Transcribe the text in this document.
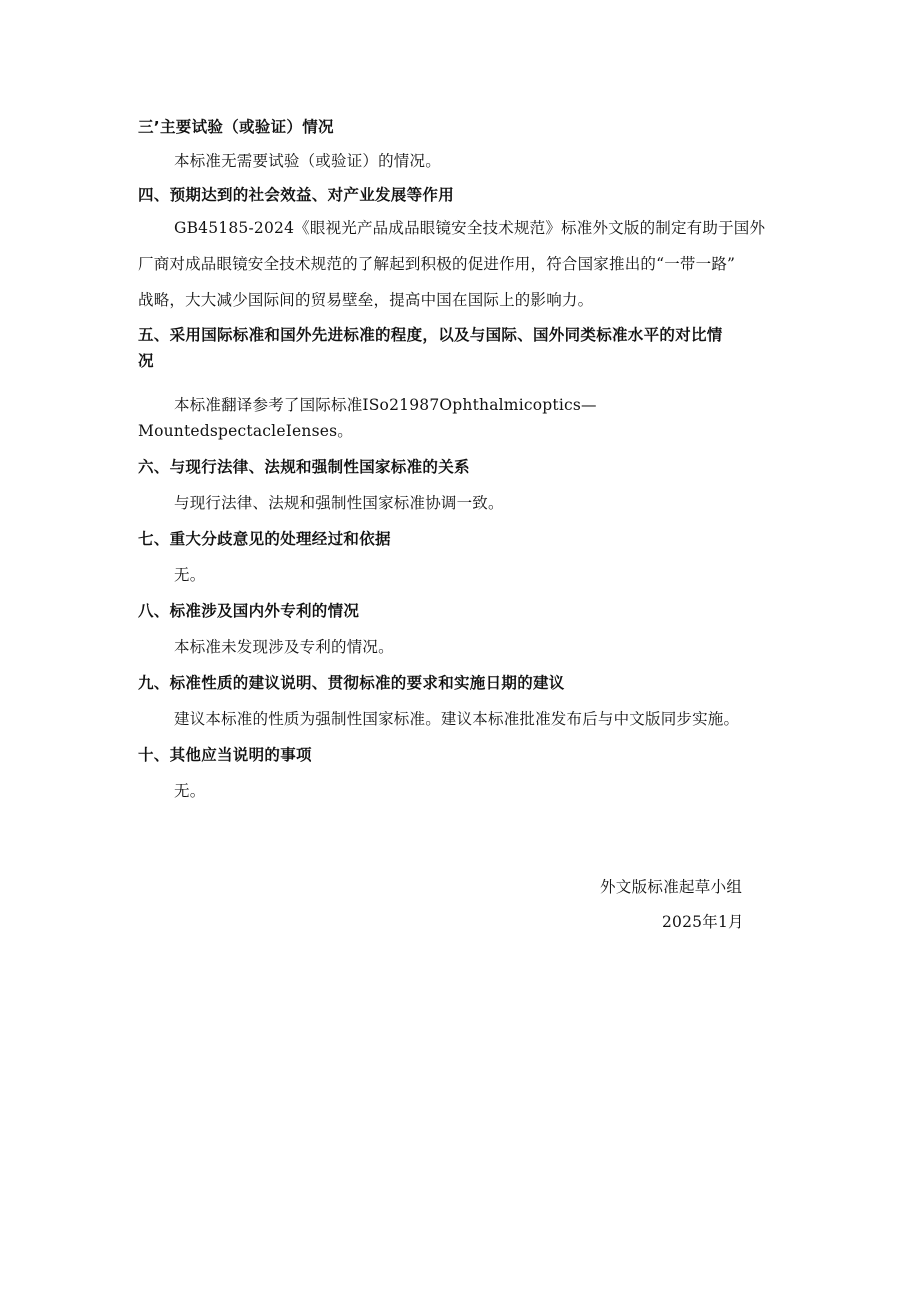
三’主要试验（或验证）情况

本标准无需要试验（或验证）的情况。

四、预期达到的社会效益、对产业发展等作用

GB45185-2024《眼视光产品成品眼镜安全技术规范》标准外文版的制定有助于国外

厂商对成品眼镜安全技术规范的了解起到积极的促进作用，符合国家推出的“一带一路”

战略，大大减少国际间的贸易壁垒，提高中国在国际上的影响力。

五、采用国际标准和国外先进标准的程度，以及与国际、国外同类标准水平的对比情

况

本标准翻译参考了国际标准ISo21987Ophthalmicoptics—MountedspectacleIenses。

六、与现行法律、法规和强制性国家标准的关系

与现行法律、法规和强制性国家标准协调一致。

七、重大分歧意见的处理经过和依据

无。

八、标准涉及国内外专利的情况

本标准未发现涉及专利的情况。

九、标准性质的建议说明、贯彻标准的要求和实施日期的建议

建议本标准的性质为强制性国家标准。建议本标准批准发布后与中文版同步实施。

十、其他应当说明的事项

无。

外文版标准起草小组
2025年1月
